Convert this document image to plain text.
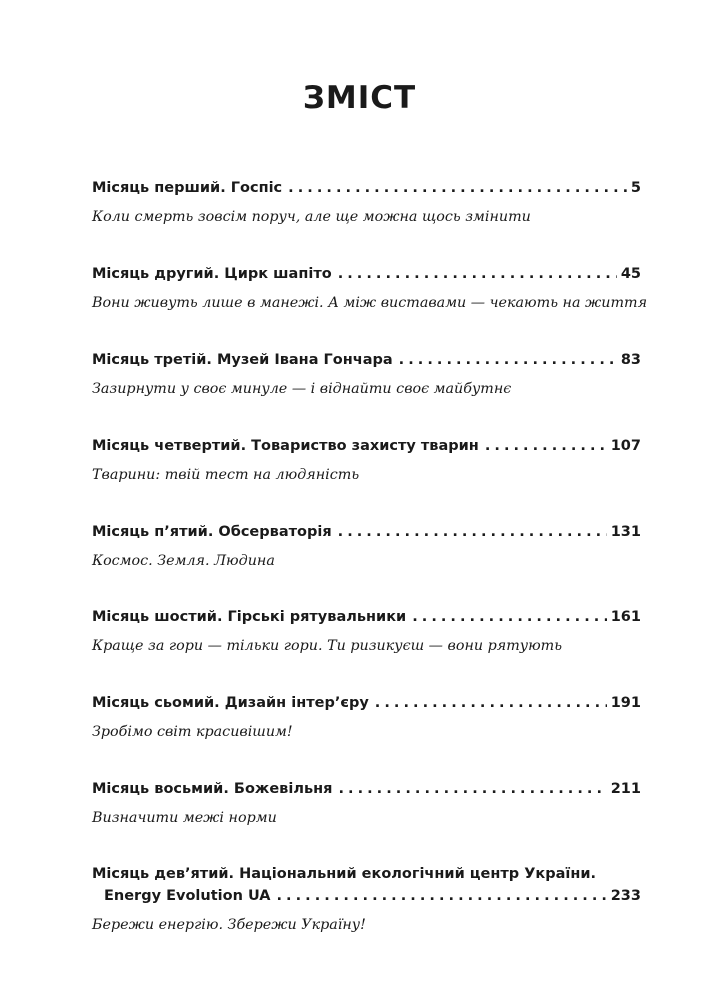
ЗМІСТ
Місяць перший. Госпіс . . .	5
Коли смерть зовсім поруч, але ще можна щось змінити
Місяць другий. Цирк шапіто . . .	45
Вони живуть лише в манежі. А між виставами — чекають на життя
Місяць третій. Музей Івана Гончара . . .	83
Зазирнути у своє минуле — і віднайти своє майбутнє
Місяць четвертий. Товариство захисту тварин . . .	107
Тварини: твій тест на людяність
Місяць п’ятий. Обсерваторія . . .	131
Космос. Земля. Людина
Місяць шостий. Гірські рятувальники . . .	161
Краще за гори — тільки гори. Ти ризикуєш — вони рятують
Місяць сьомий. Дизайн інтер’єру . . .	191
Зробімо світ красивішим!
Місяць восьмий. Божевільня . . .	211
Визначити межі норми
Місяць дев’ятий. Національний екологічний центр України.
Energy Evolution UA . . .	233
Бережи енергію. Збережи Україну!
